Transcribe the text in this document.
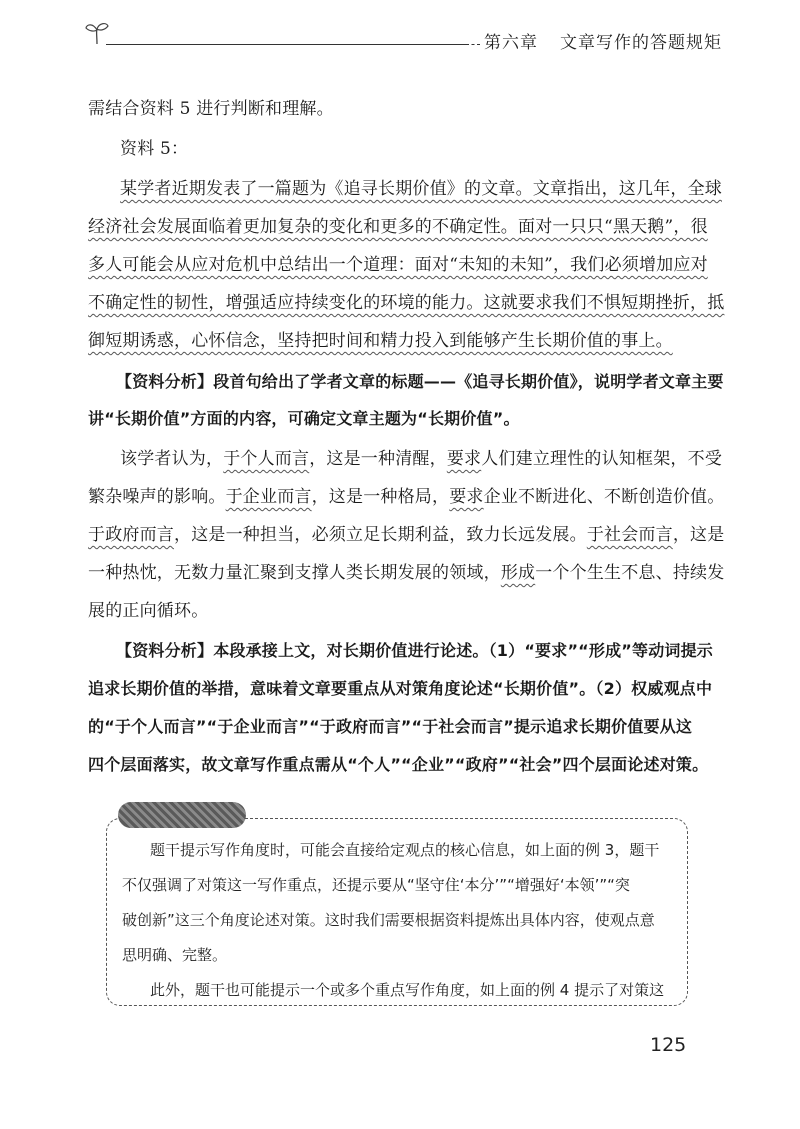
第六章 文章写作的答题规矩
需结合资料 5 进行判断和理解。
资料 5：
某学者近期发表了一篇题为《追寻长期价值》的文章。文章指出，这几年，全球
经济社会发展面临着更加复杂的变化和更多的不确定性。面对一只只“黑天鹅”，很
多人可能会从应对危机中总结出一个道理：面对“未知的未知”，我们必须增加应对
不确定性的韧性，增强适应持续变化的环境的能力。这就要求我们不惧短期挫折，抵
御短期诱惑，心怀信念，坚持把时间和精力投入到能够产生长期价值的事上。
【资料分析】段首句给出了学者文章的标题——《追寻长期价值》，说明学者文章主要
讲“长期价值”方面的内容，可确定文章主题为“长期价值”。
该学者认为，于个人而言，这是一种清醒，要求人们建立理性的认知框架，不受
繁杂噪声的影响。于企业而言，这是一种格局，要求企业不断进化、不断创造价值。
于政府而言，这是一种担当，必须立足长期利益，致力长远发展。于社会而言，这是
一种热忱，无数力量汇聚到支撑人类长期发展的领域，形成一个个生生不息、持续发
展的正向循环。
【资料分析】本段承接上文，对长期价值进行论述。（1）“要求”“形成”等动词提示
追求长期价值的举措，意味着文章要重点从对策角度论述“长期价值”。（2）权威观点中
的“于个人而言”“于企业而言”“于政府而言”“于社会而言”提示追求长期价值要从这
四个层面落实，故文章写作重点需从“个人”“企业”“政府”“社会”四个层面论述对策。
题干提示写作角度时，可能会直接给定观点的核心信息，如上面的例 3，题干
不仅强调了对策这一写作重点，还提示要从“坚守住‘本分’”“增强好‘本领’”“突
破创新”这三个角度论述对策。这时我们需要根据资料提炼出具体内容，使观点意
思明确、完整。
此外，题干也可能提示一个或多个重点写作角度，如上面的例 4 提示了对策这
125
